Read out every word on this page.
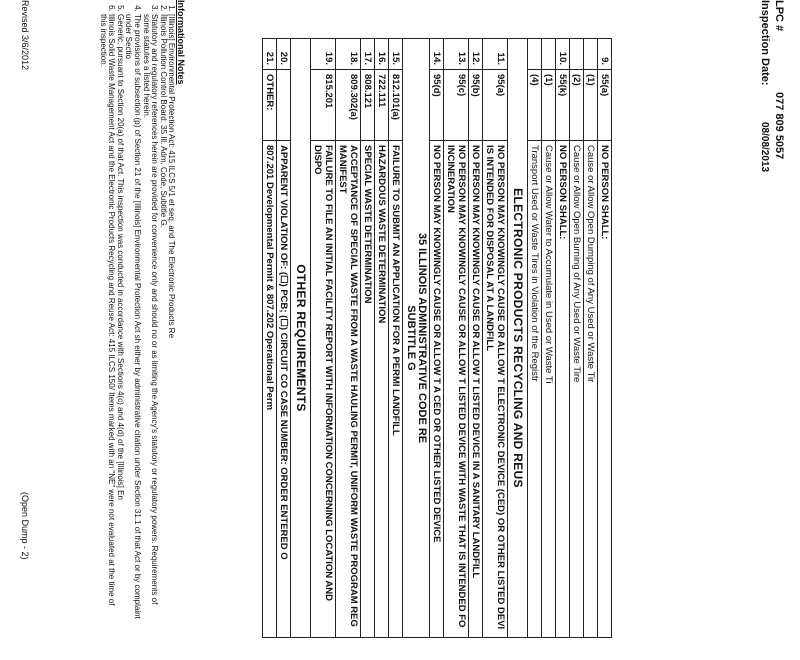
LPC #077 809 5057
Inspection Date:08/08/2013
9.	55(a)	NO PERSON SHALL:
	(1)	Cause or Allow Open Dumping of Any Used or Waste Tir
	(2)	Cause or Allow Open Burning of Any Used or Waste Tire
10.	55(k)	NO PERSON SHALL:
	(1)	Cause or Allow Water to Accumulate in Used or Waste Ti
	(4)	Transport Used or Waste Tires in Violation of the Registr
ELECTRONIC PRODUCTS RECYCLING AND REUS		
11.	95(a)	NO PERSON MAY KNOWINGLY CAUSE OR ALLOW T ELECTRONIC DEVICE (CED) OR OTHER LISTED DEVI IS INTENDED FOR DISPOSAL AT A LANDFILL
12.	95(b)	NO PERSON MAY KNOWINGLY CAUSE OR ALLOW T LISTED DEVICE IN A SANITARY LANDFILL
13.	95(c)	NO PERSON MAY KNOWINGLY CAUSE OR ALLOW T LISTED DEVICE WITH WASTE THAT IS INTENDED FO INCINERATION
14.	95(d)	NO PERSON MAY KNOWINGLY CAUSE OR ALLOW T A CED OR OTHER LISTED DEVICE

35 ILLINOIS ADMINISTRATIVE CODE RE
SUBTITLE G		

15.	812.101(a)	FAILURE TO SUBMIT AN APPLICATION FOR A PERMI LANDFILL
16.	722.111	HAZARDOUS WASTE DETERMINATION
17.	808.121	SPECIAL WASTE DETERMINATION
18.	809.302(a)	ACCEPTANCE OF SPECIAL WASTE FROM A WASTE HAULING PERMIT, UNIFORM WASTE PROGRAM REG MANIFEST
19.	815.201	FAILURE TO FILE AN INITIAL FACILITY REPORT WITH INFORMATION CONCERNING LOCATION AND DISPO
OTHER REQUIREMENTS		
20.		APPARENT VIOLATION OF: (☐) PCB; (☐) CIRCUIT CO CASE NUMBER: ORDER ENTERED O
21.	OTHER:	807.201 Developmental Permit & 807.202 Operational Perm
Informational Notes
1. [Illinois] Environmental Protection Act: 415 ILCS 5/1 et seq. and The Electronic Products Re
2. Illinois Pollution Control Board: 35 Ill. Adm. Code, Subtitle G.
3. Statutory and regulatory references herein are provided for convenience only and should no or as limiting the Agency's statutory or regulatory powers. Requirements of some statutes a listed herein.
4. The provisions of subsection (p) of Section 21 of the [Illinois] Environmental Protection Act sh either by administrative citation under Section 31.1 of that Act or by complaint under Sectio
5. Generic, pursuant to Section 20(a) of that Act. This inspection was conducted in accordance with Sections 4(c) and 4(d) of the [Illinois] En
6. Illinois Solid Waste Management Act and the Electronic Products Recycling and Reuse Act: 415 ILCS 150/ Items marked with an "NE" were not evaluated at the time of this inspection.
Revised 3/6/2012
(Open Dump - 2)
